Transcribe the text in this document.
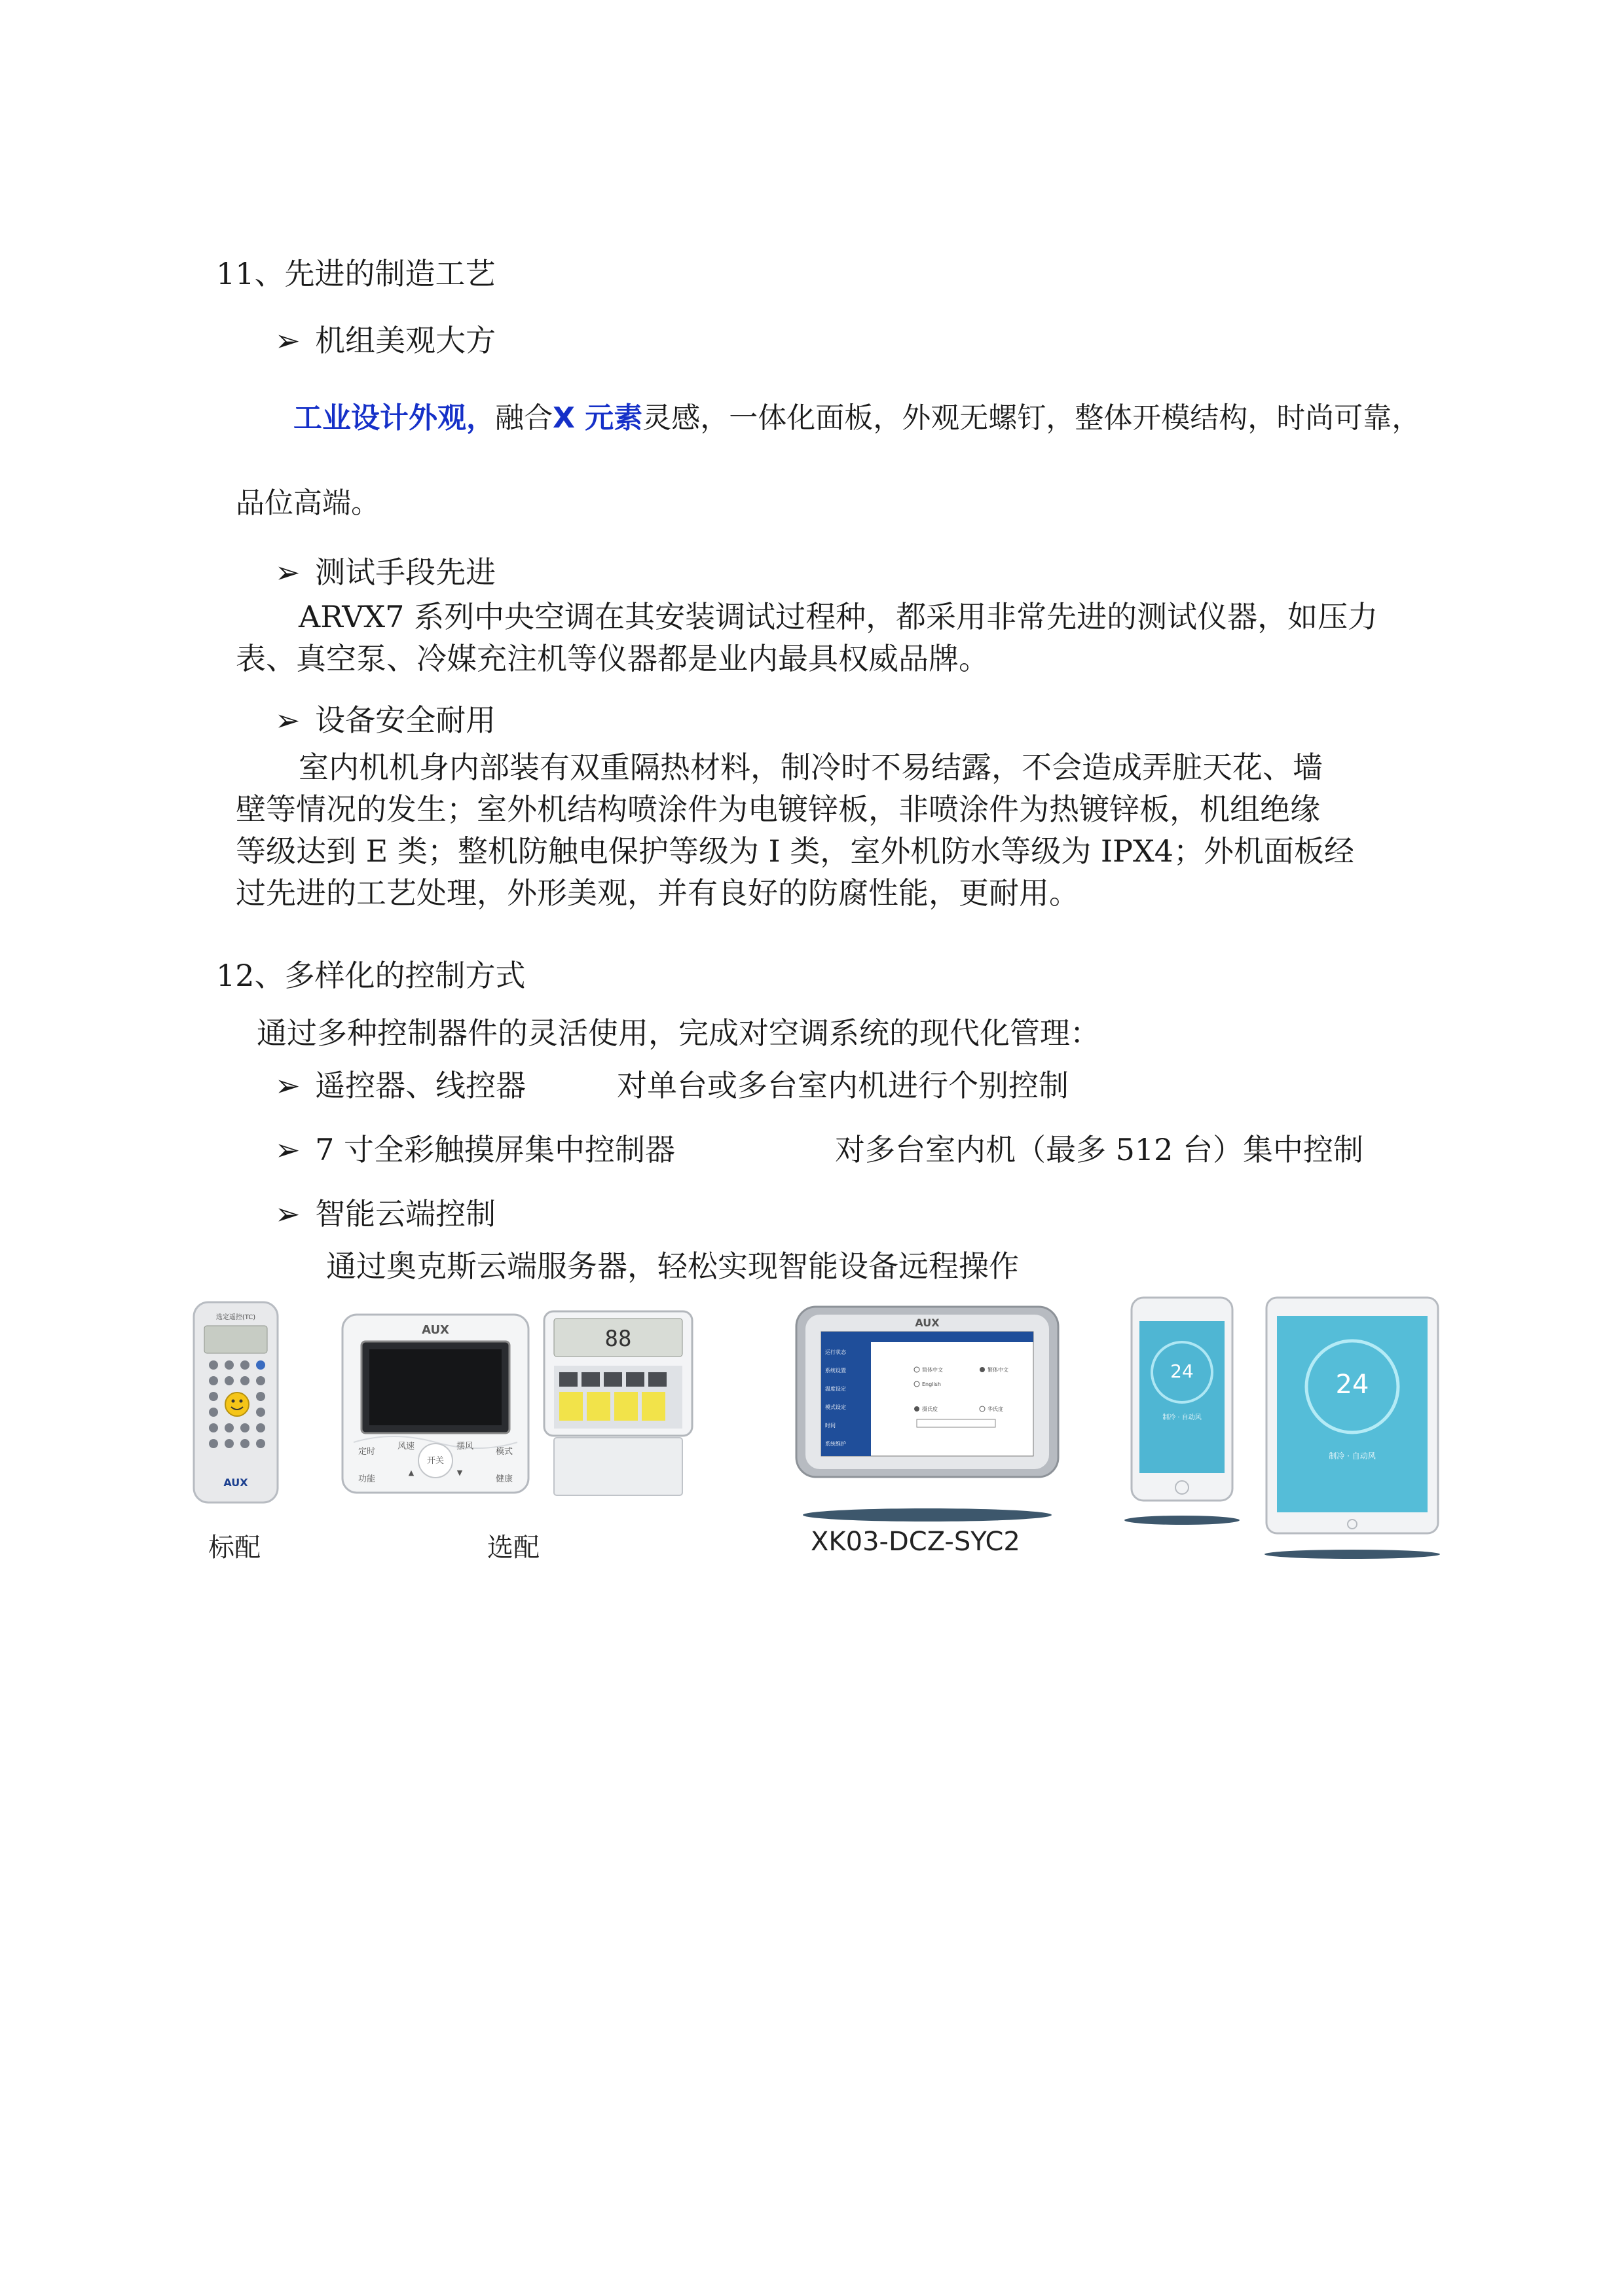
11、先进的制造工艺
➢ 机组美观大方
工业设计外观，融合X 元素灵感，一体化面板，外观无螺钉，整体开模结构，时尚可靠，
品位高端。
➢ 测试手段先进
ARVX7 系列中央空调在其安装调试过程种，都采用非常先进的测试仪器，如压力
表、真空泵、冷媒充注机等仪器都是业内最具权威品牌。
➢ 设备安全耐用
室内机机身内部装有双重隔热材料，制冷时不易结露，不会造成弄脏天花、墙
壁等情况的发生；室外机结构喷涂件为电镀锌板，非喷涂件为热镀锌板，机组绝缘
等级达到 E 类；整机防触电保护等级为 I 类，室外机防水等级为 IPX4；外机面板经
过先进的工艺处理，外形美观，并有良好的防腐性能，更耐用。
12、多样化的控制方式
通过多种控制器件的灵活使用，完成对空调系统的现代化管理：
➢ 遥控器、线控器	对单台或多台室内机进行个别控制
➢ 7 寸全彩触摸屏集中控制器	对多台室内机（最多 512 台）集中控制
➢ 智能云端控制
通过奥克斯云端服务器，轻松实现智能设备远程操作
选定遥控(TC)
AUX
AUX
定时
风速	摆风
模式
功能
开关
健康
▲	▼
88
AUX
运行状态
系统设置
温度设定
模式设定
时间
系统维护
简体中文	繁体中文
English
摄氏度	华氏度
24
制冷 · 自动风
24
制冷 · 自动风
标配	选配	XK03-DCZ-SYC2
